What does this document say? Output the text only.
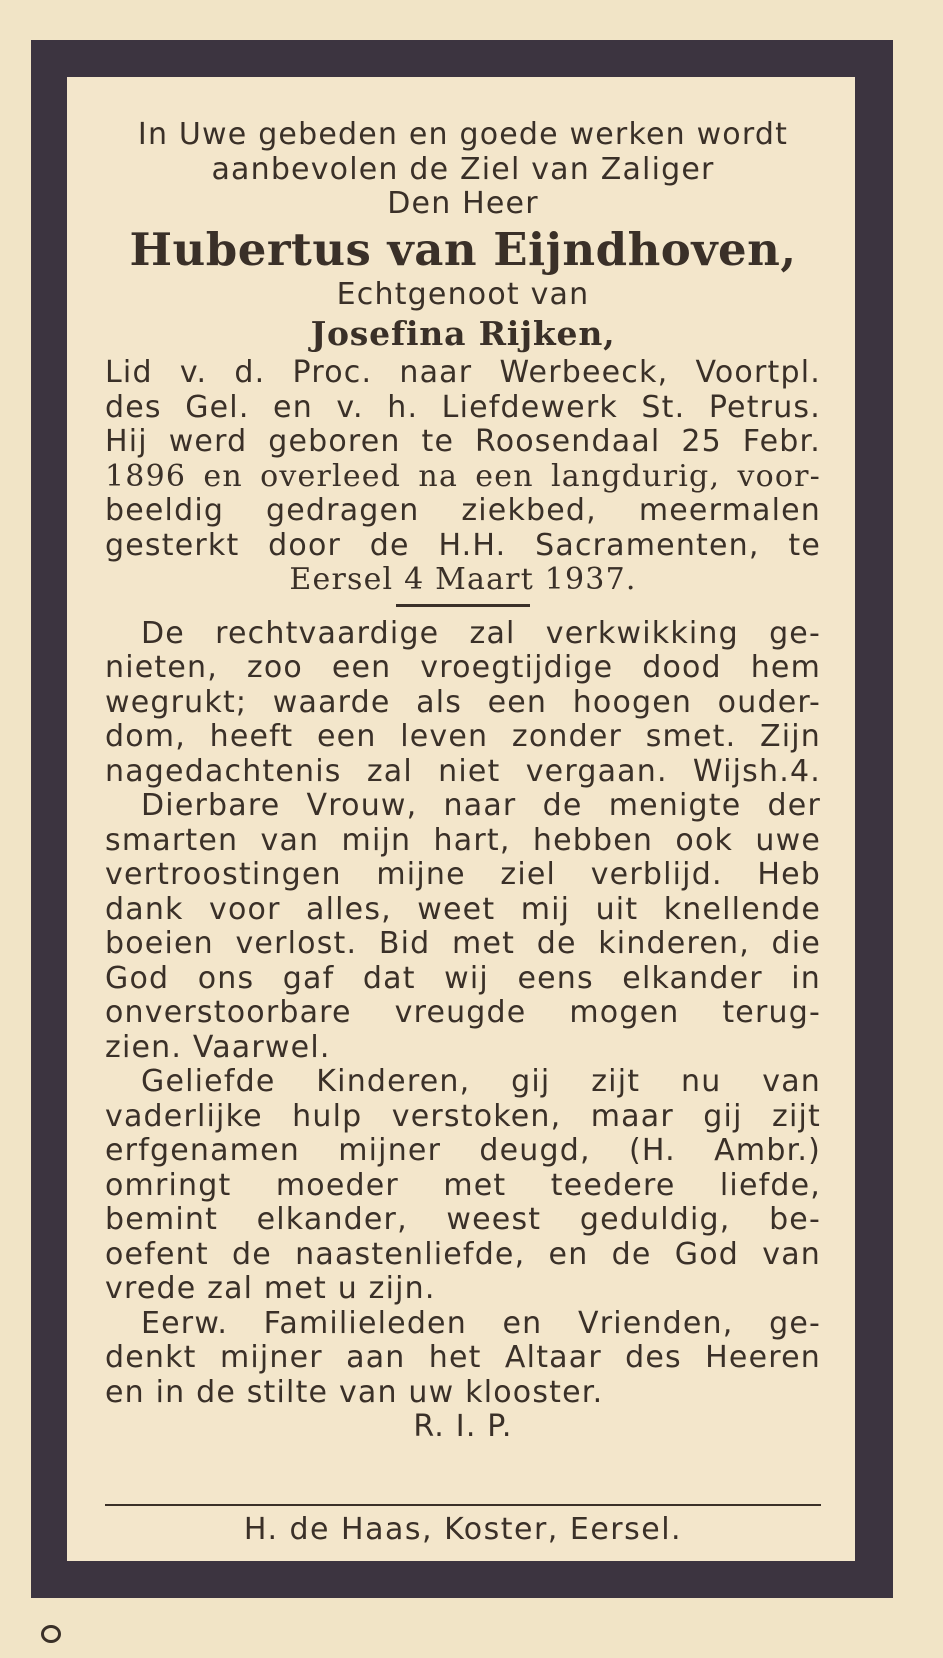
In Uwe gebeden en goede werken wordt
aanbevolen de Ziel van Zaliger
Den Heer
Hubertus van Eijndhoven,
Echtgenoot van
Josefina Rijken,
Lid v. d. Proc. naar Werbeeck, Voortpl.
des Gel. en v. h. Liefdewerk St. Petrus.
Hij werd geboren te Roosendaal 25 Febr.
1896 en overleed na een langdurig, voor-
beeldig gedragen ziekbed, meermalen
gesterkt door de H.H. Sacramenten, te
Eersel 4 Maart 1937.
De rechtvaardige zal verkwikking ge-
nieten, zoo een vroegtijdige dood hem
wegrukt; waarde als een hoogen ouder-
dom, heeft een leven zonder smet. Zijn
nagedachtenis zal niet vergaan. Wijsh.4.
Dierbare Vrouw, naar de menigte der
smarten van mijn hart, hebben ook uwe
vertroostingen mijne ziel verblijd. Heb
dank voor alles, weet mij uit knellende
boeien verlost. Bid met de kinderen, die
God ons gaf dat wij eens elkander in
onverstoorbare vreugde mogen terug-
zien. Vaarwel.
Geliefde Kinderen, gij zijt nu van
vaderlijke hulp verstoken, maar gij zijt
erfgenamen mijner deugd, (H. Ambr.)
omringt moeder met teedere liefde,
bemint elkander, weest geduldig, be-
oefent de naastenliefde, en de God van
vrede zal met u zijn.
Eerw. Familieleden en Vrienden, ge-
denkt mijner aan het Altaar des Heeren
en in de stilte van uw klooster.
R. I. P.
H. de Haas, Koster, Eersel.
